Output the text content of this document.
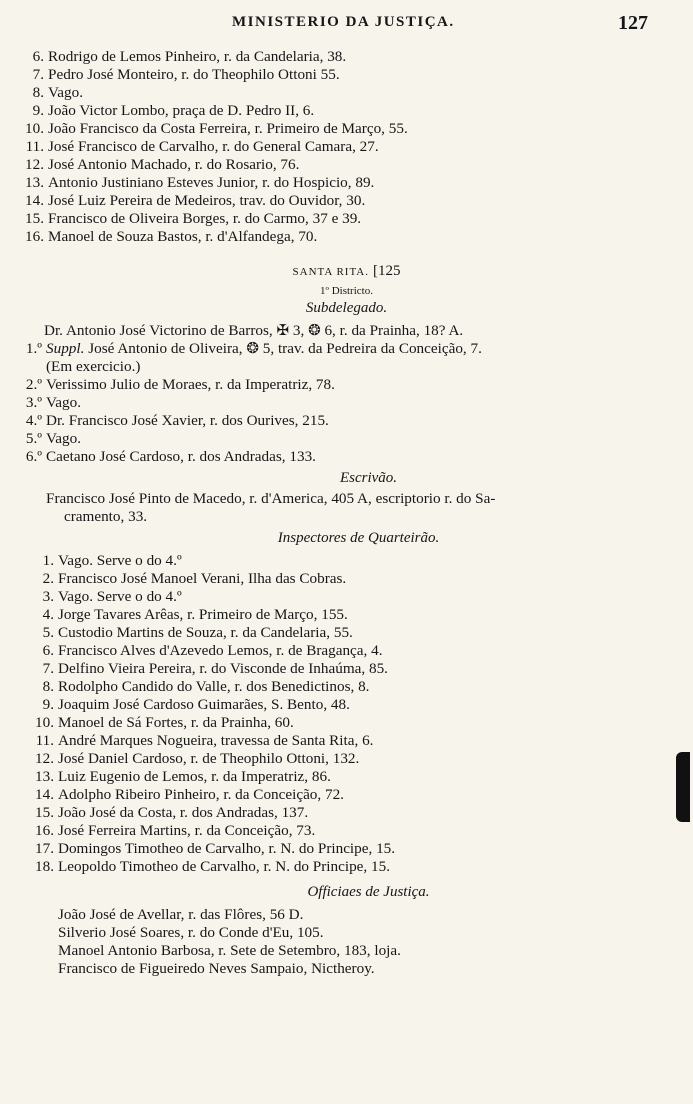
MINISTERIO DA JUSTIÇA.	127
6. Rodrigo de Lemos Pinheiro, r. da Candelaria, 38.
7. Pedro José Monteiro, r. do Theophilo Ottoni 55.
8. Vago.
9. João Victor Lombo, praça de D. Pedro II, 6.
10. João Francisco da Costa Ferreira, r. Primeiro de Março, 55.
11. José Francisco de Carvalho, r. do General Camara, 27.
12. José Antonio Machado, r. do Rosario, 76.
13. Antonio Justiniano Esteves Junior, r. do Hospicio, 89.
14. José Luiz Pereira de Medeiros, trav. do Ouvidor, 30.
15. Francisco de Oliveira Borges, r. do Carmo, 37 e 39.
16. Manoel de Souza Bastos, r. d'Alfandega, 70.
SANTA RITA. [125
1º Districto.
Subdelegado.
Dr. Antonio José Victorino de Barros, ✠ 3, ❂ 6, r. da Prainha, 18? A.
1.º Suppl. José Antonio de Oliveira, ❂ 5, trav. da Pedreira da Conceição, 7.
(Em exercicio.)
2.º Verissimo Julio de Moraes, r. da Imperatriz, 78.
3.º Vago.
4.º Dr. Francisco José Xavier, r. dos Ourives, 215.
5.º Vago.
6.º Caetano José Cardoso, r. dos Andradas, 133.
Escrivão.
Francisco José Pinto de Macedo, r. d'America, 405 A, escriptorio r. do Sa-
cramento, 33.
Inspectores de Quarteirão.
1. Vago. Serve o do 4.º
2. Francisco José Manoel Verani, Ilha das Cobras.
3. Vago. Serve o do 4.º
4. Jorge Tavares Arêas, r. Primeiro de Março, 155.
5. Custodio Martins de Souza, r. da Candelaria, 55.
6. Francisco Alves d'Azevedo Lemos, r. de Bragança, 4.
7. Delfino Vieira Pereira, r. do Visconde de Inhaúma, 85.
8. Rodolpho Candido do Valle, r. dos Benedictinos, 8.
9. Joaquim José Cardoso Guimarães, S. Bento, 48.
10. Manoel de Sá Fortes, r. da Prainha, 60.
11. André Marques Nogueira, travessa de Santa Rita, 6.
12. José Daniel Cardoso, r. de Theophilo Ottoni, 132.
13. Luiz Eugenio de Lemos, r. da Imperatriz, 86.
14. Adolpho Ribeiro Pinheiro, r. da Conceição, 72.
15. João José da Costa, r. dos Andradas, 137.
16. José Ferreira Martins, r. da Conceição, 73.
17. Domingos Timotheo de Carvalho, r. N. do Principe, 15.
18. Leopoldo Timotheo de Carvalho, r. N. do Principe, 15.
Officiaes de Justiça.
João José de Avellar, r. das Flôres, 56 D.
Silverio José Soares, r. do Conde d'Eu, 105.
Manoel Antonio Barbosa, r. Sete de Setembro, 183, loja.
Francisco de Figueiredo Neves Sampaio, Nictheroy.
